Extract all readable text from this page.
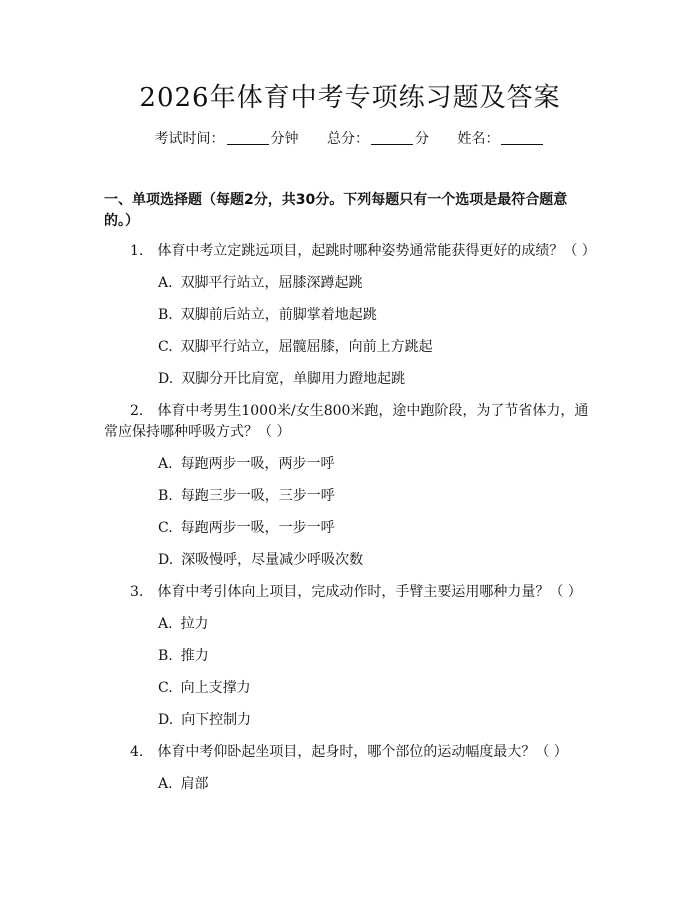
2026年体育中考专项练习题及答案
考试时间：	分钟 总分：	分 姓名：
一、单项选择题（每题2分，共30分。下列每题只有一个选项是最符合题意的。）
1. 体育中考立定跳远项目，起跳时哪种姿势通常能获得更好的成绩？（ ）
A. 双脚平行站立，屈膝深蹲起跳
B. 双脚前后站立，前脚掌着地起跳
C. 双脚平行站立，屈髋屈膝，向前上方跳起
D. 双脚分开比肩宽，单脚用力蹬地起跳
2. 体育中考男生1000米/女生800米跑，途中跑阶段，为了节省体力，通常应保持哪种呼吸方式？（ ）
A. 每跑两步一吸，两步一呼
B. 每跑三步一吸，三步一呼
C. 每跑两步一吸，一步一呼
D. 深吸慢呼，尽量减少呼吸次数
3. 体育中考引体向上项目，完成动作时，手臂主要运用哪种力量？（ ）
A. 拉力
B. 推力
C. 向上支撑力
D. 向下控制力
4. 体育中考仰卧起坐项目，起身时，哪个部位的运动幅度最大？（ ）
A. 肩部
